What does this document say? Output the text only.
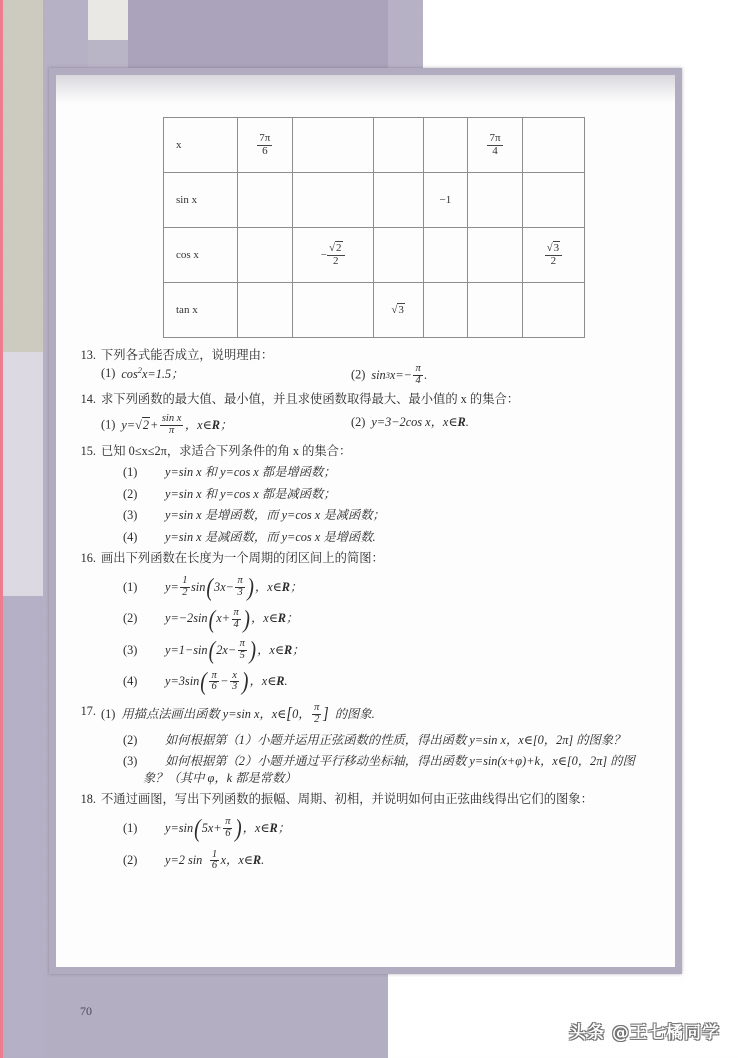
x	$\frac{7\pi}{6}$				$\frac{7\pi}{4}$

sin x				−1		
cos x		− √ $\frac{2}{2}$				√ $\frac{3}{2}$

tan x			√ 3			
13. 下列各式能否成立，说明理由：
(1) $\cos^2x=1.5$；	(2) sin 3 $x=- \frac{\pi}{4}$ .
14. 求下列函数的最大值、最小值，并且求使函数取得最大、最小值的 x 的集合：
(1) $y= √2 + \frac{\text{sin x}}{\pi}$ ，x∈ R ；	(2) y=3−2cos x，x∈R.
15. 已知 0≤x≤2π，求适合下列条件的角 x 的集合：
(1)	y=sin x 和 y=cos x 都是增函数；
(2)	y=sin x 和 y=cos x 都是减函数；
(3)	y=sin x 是增函数，而 y=cos x 是减函数；
(4)	y=sin x 是减函数，而 y=cos x 是增函数.
16. 画出下列函数在长度为一个周期的闭区间上的简图：
(1)	$y= \frac{1}{2}$ sin ( $3x- \frac{\pi}{3}$ ) ，x∈ R ；
(2)	y=−2sin ( $x+ \frac{\pi}{4}$ ) ，x∈ R ；
(3)	y=1−sin ( $2x- \frac{\pi}{5}$ ) ，x∈ R ；
(4)	y=3sin ( π
$6 - \frac{x}{3}$ ) ，x∈ R .
17. (1) 用描点法画出函数 y=sin x，x∈ [ 0， π
2 ] 的图象.
(2)	如何根据第（1）小题并运用正弦函数的性质，得出函数 y=sin x，x∈[0，2π] 的图象？
(3)	如何根据第（2）小题并通过平行移动坐标轴，得出函数 y=sin(x+φ)+k，x∈[0，2π] 的图
象？（其中 φ，k 都是常数）
18. 不通过画图，写出下列函数的振幅、周期、初相，并说明如何由正弦曲线得出它们的图象：
(1)	y=sin ( $5x+ \frac{\pi}{6}$ ) ，x∈ R ；
(2)	y=2 sin 1
6 x，x∈ R .
70
头条 @王七橘同学
